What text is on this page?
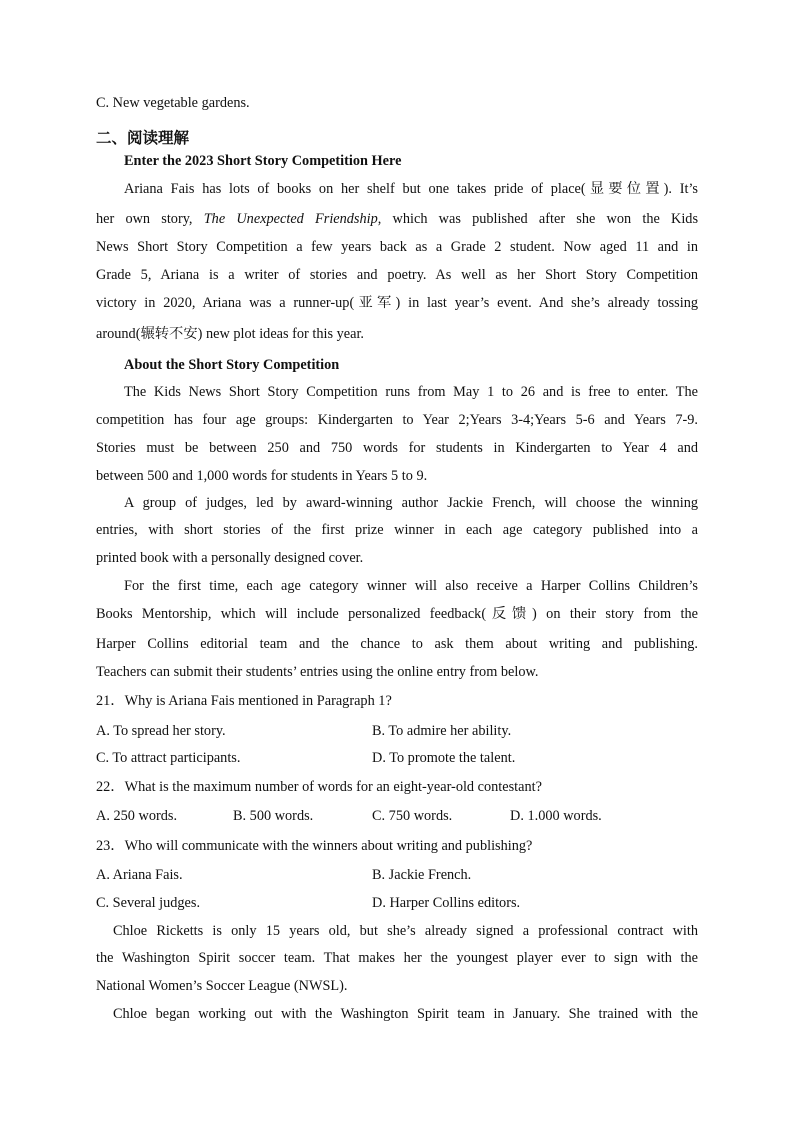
C. New vegetable gardens.
二、阅读理解
Enter the 2023 Short Story Competition Here
Ariana Fais has lots of books on her shelf but one takes pride of place(显要位置). It’s
her own story, The Unexpected Friendship, which was published after she won the Kids
News Short Story Competition a few years back as a Grade 2 student. Now aged 11 and in
Grade 5, Ariana is a writer of stories and poetry. As well as her Short Story Competition
victory in 2020, Ariana was a runner-up(亚军) in last year’s event. And she’s already tossing
around(辗转不安) new plot ideas for this year.
About the Short Story Competition
The Kids News Short Story Competition runs from May 1 to 26 and is free to enter. The
competition has four age groups: Kindergarten to Year 2;Years 3-4;Years 5-6 and Years 7-9.
Stories must be between 250 and 750 words for students in Kindergarten to Year 4 and
between 500 and 1,000 words for students in Years 5 to 9.
A group of judges, led by award-winning author Jackie French, will choose the winning
entries, with short stories of the first prize winner in each age category published into a
printed book with a personally designed cover.
For the first time, each age category winner will also receive a Harper Collins Children’s
Books Mentorship, which will include personalized feedback(反馈) on their story from the
Harper Collins editorial team and the chance to ask them about writing and publishing.
Teachers can submit their students’ entries using the online entry from below.
21．Why is Ariana Fais mentioned in Paragraph 1?
A. To spread her story.	B. To admire her ability.
C. To attract participants.	D. To promote the talent.
22．What is the maximum number of words for an eight-year-old contestant?
A. 250 words.	B. 500 words.	C. 750 words.	D. 1.000 words.
23．Who will communicate with the winners about writing and publishing?
A. Ariana Fais.	B. Jackie French.
C. Several judges.	D. Harper Collins editors.
Chloe Ricketts is only 15 years old, but she’s already signed a professional contract with
the Washington Spirit soccer team. That makes her the youngest player ever to sign with the
National Women’s Soccer League (NWSL).
Chloe began working out with the Washington Spirit team in January. She trained with the
